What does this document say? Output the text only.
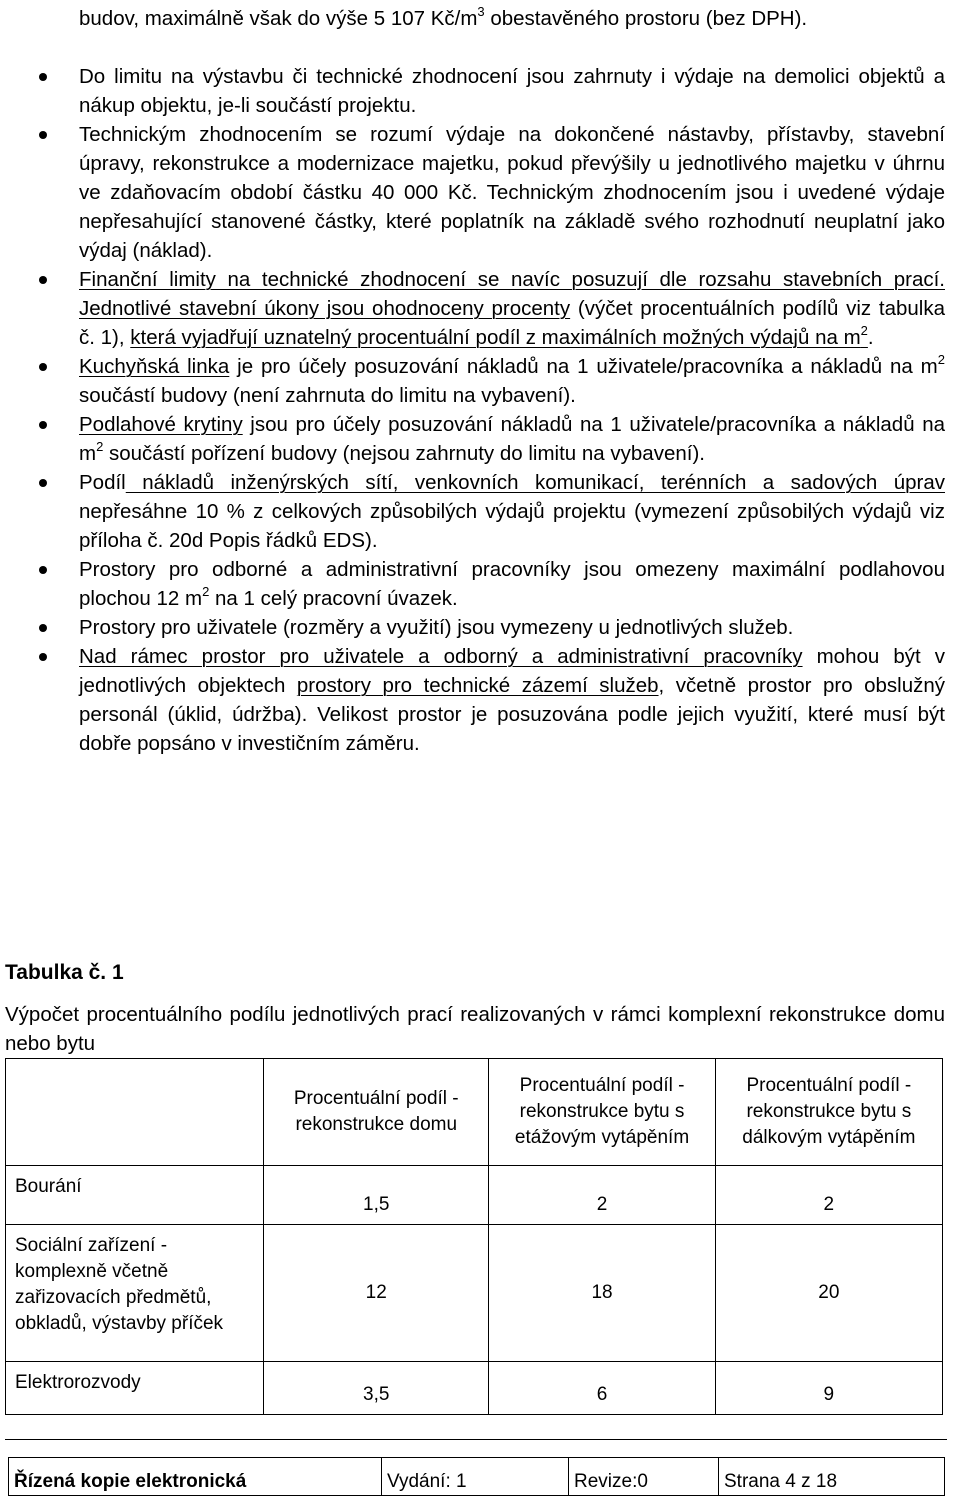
budov, maximálně však do výše 5 107 $Kč/m^3$ obestavěného prostoru (bez DPH).
Do limitu na výstavbu či technické zhodnocení jsou zahrnuty i výdaje na demolici objektů a nákup objektu, je-li součástí projektu.
Technickým zhodnocením se rozumí výdaje na dokončené nástavby, přístavby, stavební úpravy, rekonstrukce a modernizace majetku, pokud převýšily u jednotlivého majetku v úhrnu ve zdaňovacím období částku 40 000 Kč. Technickým zhodnocením jsou i uvedené výdaje nepřesahující stanovené částky, které poplatník na základě svého rozhodnutí neuplatní jako výdaj (náklad).
Finanční limity na technické zhodnocení se navíc posuzují dle rozsahu stavebních prací. Jednotlivé stavební úkony jsou ohodnoceny procenty (výčet procentuálních podílů viz tabulka č. 1), která vyjadřují uznatelný procentuální podíl z maximálních možných výdajů na $m^2$.
Kuchyňská linka je pro účely posuzování nákladů na 1 uživatele/pracovníka a nákladů na $m^2$ součástí budovy (není zahrnuta do limitu na vybavení).
Podlahové krytiny jsou pro účely posuzování nákladů na 1 uživatele/pracovníka a nákladů na $m^2$ součástí pořízení budovy (nejsou zahrnuty do limitu na vybavení).
Podíl nákladů inženýrských sítí, venkovních komunikací, terénních a sadových úprav nepřesáhne 10 % z celkových způsobilých výdajů projektu (vymezení způsobilých výdajů viz příloha č. 20d Popis řádků EDS).
Prostory pro odborné a administrativní pracovníky jsou omezeny maximální podlahovou plochou 12 $m^2$ na 1 celý pracovní úvazek.
Prostory pro uživatele (rozměry a využití) jsou vymezeny u jednotlivých služeb.
Nad rámec prostor pro uživatele a odborný a administrativní pracovníky mohou být v jednotlivých objektech prostory pro technické zázemí služeb, včetně prostor pro obslužný personál (úklid, údržba). Velikost prostor je posuzována podle jejich využití, které musí být dobře popsáno v investičním záměru.
Tabulka č. 1
Výpočet procentuálního podílu jednotlivých prací realizovaných v rámci komplexní rekonstrukce domu nebo bytu

	Procentuální podíl - rekonstrukce domu	Procentuální podíl - rekonstrukce bytu s etážovým vytápěním	Procentuální podíl - rekonstrukce bytu s dálkovým vytápěním

Bourání	1,5	2	2
Sociální zařízení - komplexně včetně zařizovacích předmětů, obkladů, výstavby příček	12	18	20
Elektrorozvody	3,5	6	9
Řízená kopie elektronická	Vydání: 1	Revize:0	Strana 4 z 18
